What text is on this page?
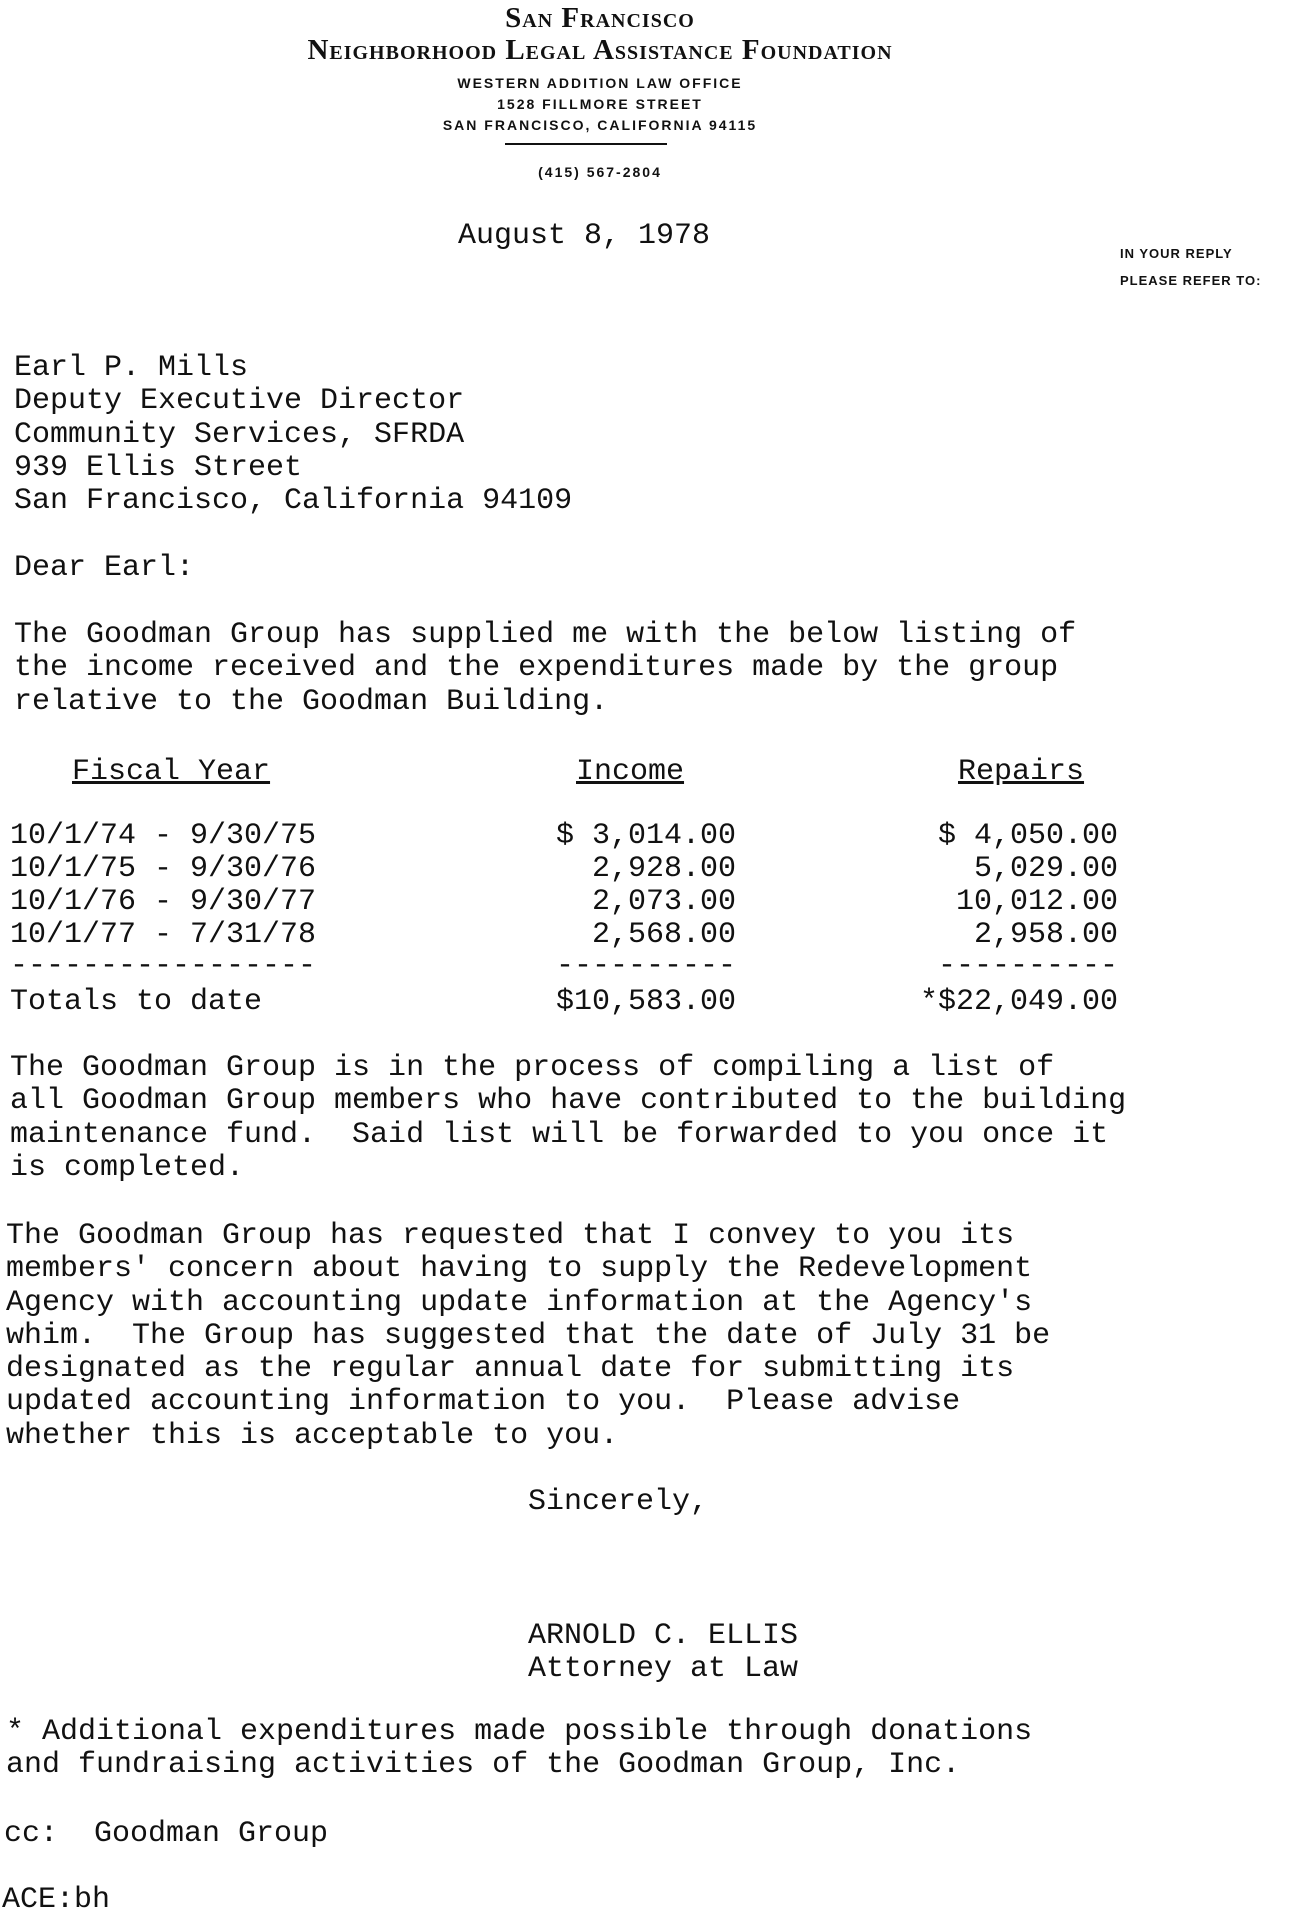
San Francisco
Neighborhood Legal Assistance Foundation
WESTERN ADDITION LAW OFFICE
1528 FILLMORE STREET
SAN FRANCISCO, CALIFORNIA 94115
(415) 567-2804
IN YOUR REPLY
PLEASE REFER TO:
August 8, 1978
Earl P. Mills
Deputy Executive Director
Community Services, SFRDA
939 Ellis Street
San Francisco, California 94109
Dear Earl:
The Goodman Group has supplied me with the below listing of
the income received and the expenditures made by the group
relative to the Goodman Building.
Fiscal Year	Income	Repairs
10/1/74 - 9/30/75	$ 3,014.00	$ 4,050.00
10/1/75 - 9/30/76	2,928.00	5,029.00
10/1/76 - 9/30/77	2,073.00	10,012.00
10/1/77 - 7/31/78	2,568.00	2,958.00
-----------------	----------	----------
Totals to date	$10,583.00	*$22,049.00
The Goodman Group is in the process of compiling a list of
all Goodman Group members who have contributed to the building
maintenance fund.  Said list will be forwarded to you once it
is completed.
The Goodman Group has requested that I convey to you its
members' concern about having to supply the Redevelopment
Agency with accounting update information at the Agency's
whim.  The Group has suggested that the date of July 31 be
designated as the regular annual date for submitting its
updated accounting information to you.  Please advise
whether this is acceptable to you.
Sincerely,
ARNOLD C. ELLIS
Attorney at Law
* Additional expenditures made possible through donations
and fundraising activities of the Goodman Group, Inc.
cc:  Goodman Group
ACE:bh
